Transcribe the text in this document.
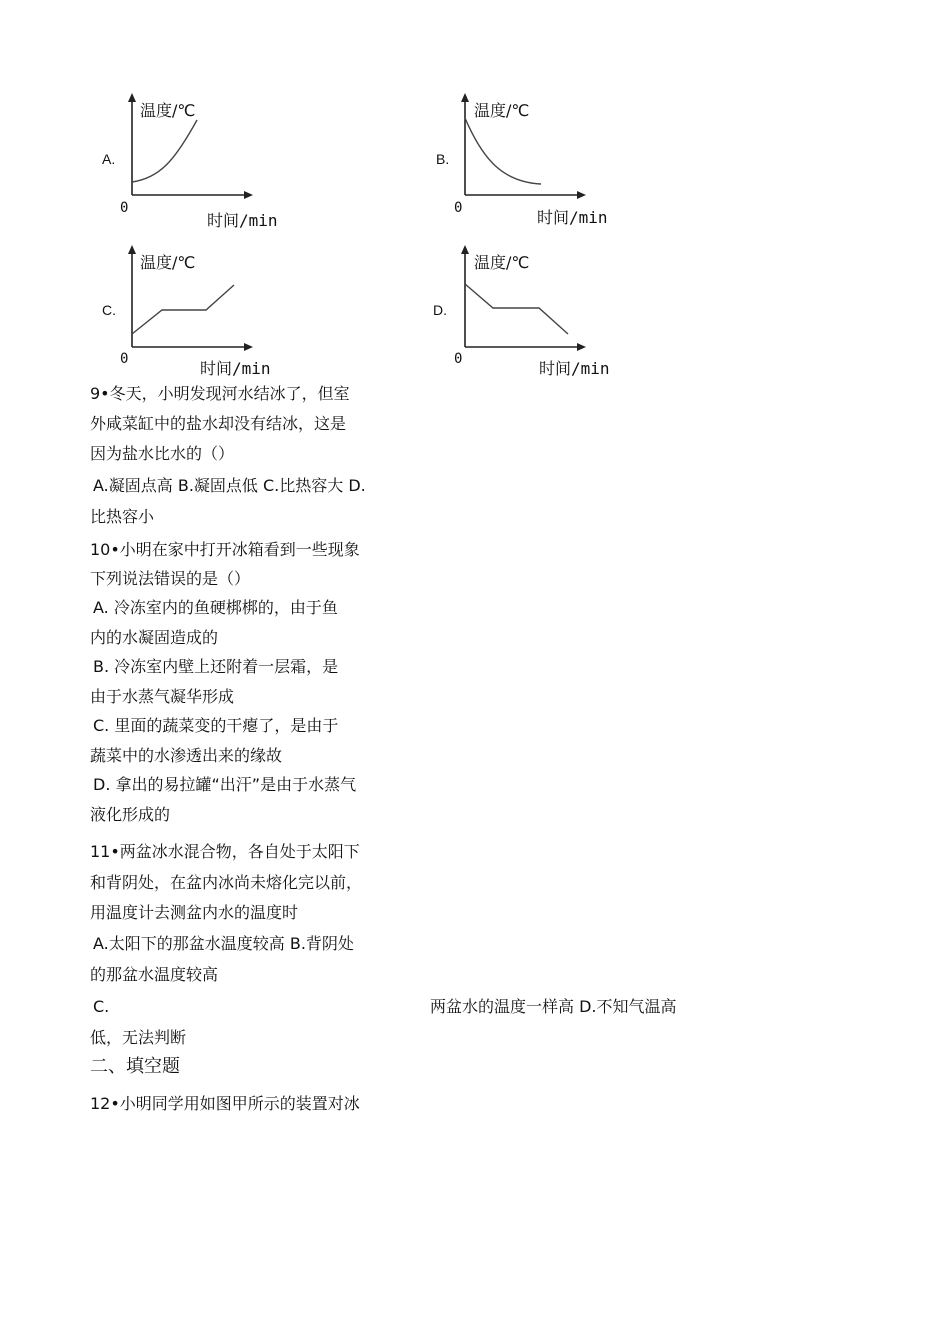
A.
温度/℃
0
时间/min
B.
温度/℃
0	时间/min
C.
温度/℃
0	时间/min
D.
温度/℃
0	时间/min
9•冬天，小明发现河水结冰了，但室
外咸菜缸中的盐水却没有结冰，这是
因为盐水比水的（）
A.凝固点高 B.凝固点低 C.比热容大 D.
比热容小
10•小明在家中打开冰箱看到一些现象
下列说法错误的是（）
A. 冷冻室内的鱼硬梆梆的，由于鱼
内的水凝固造成的
B. 冷冻室内壁上还附着一层霜，是
由于水蒸气凝华形成
C. 里面的蔬菜变的干瘪了，是由于
蔬菜中的水渗透出来的缘故
D. 拿出的易拉罐“出汗”是由于水蒸气
液化形成的
11•两盆冰水混合物，各自处于太阳下
和背阴处，在盆内冰尚未熔化完以前，
用温度计去测盆内水的温度时
A.太阳下的那盆水温度较高 B.背阴处
的那盆水温度较高
C.	两盆水的温度一样高 D.不知气温高
低，无法判断
二、填空题
12•小明同学用如图甲所示的装置对冰
